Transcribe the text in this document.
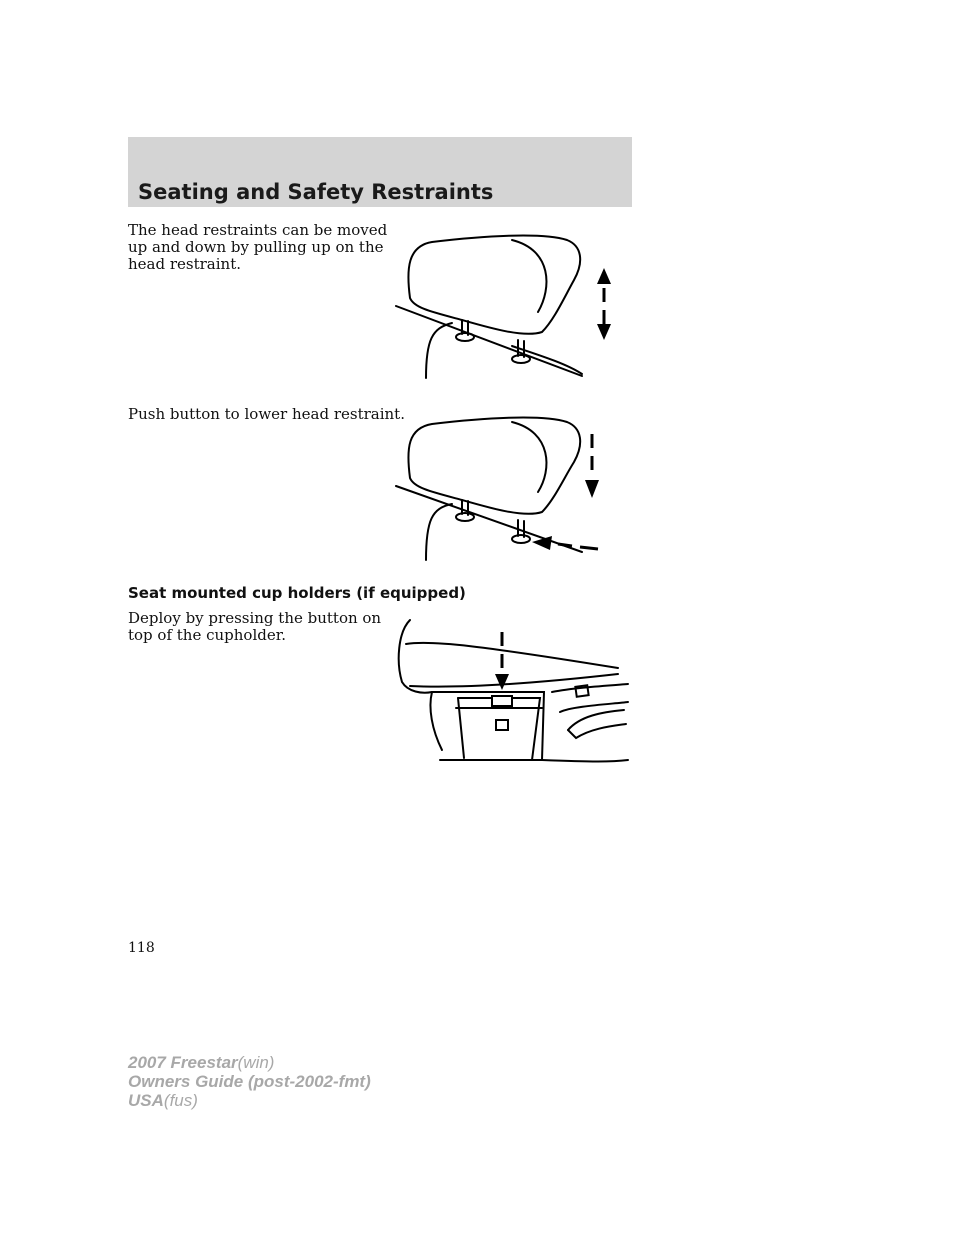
Seating and Safety Restraints
The head restraints can be moved up and down by pulling up on the head restraint.
Push button to lower head restraint.
Seat mounted cup holders (if equipped)
Deploy by pressing the button on top of the cupholder.
118
2007 Freestar(win)
Owners Guide (post-2002-fmt)
USA(fus)
